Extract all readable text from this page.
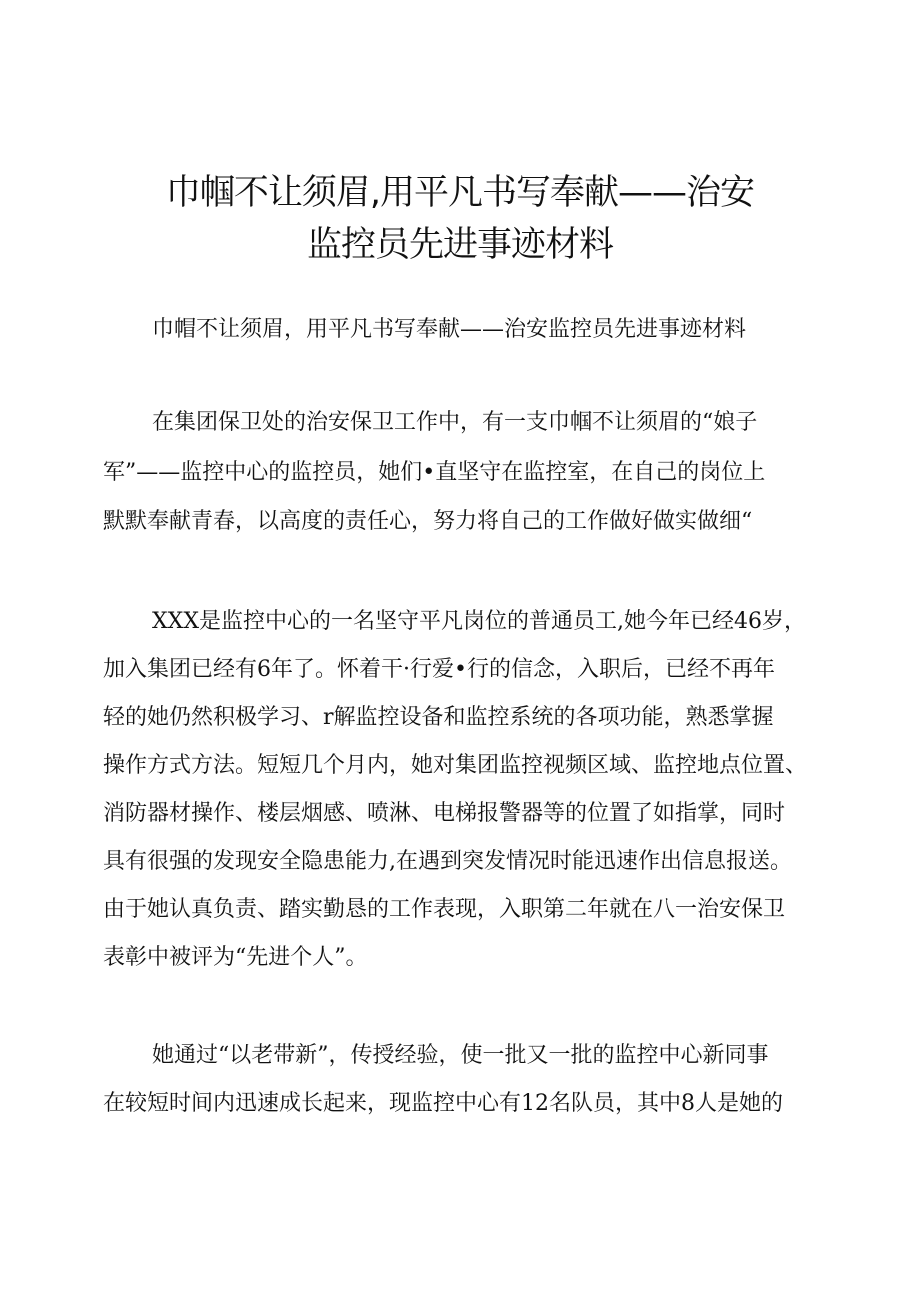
巾帼不让须眉,用平凡书写奉献——治安
监控员先进事迹材料

巾帽不让须眉，用平凡书写奉献——治安监控员先进事迹材料

在集团保卫处的治安保卫工作中，有一支巾帼不让须眉的“娘子

军”——监控中心的监控员，她们•直坚守在监控室，在自己的岗位上

默默奉献青春，以高度的责任心，努力将自己的工作做好做实做细“

XXX是监控中心的一名坚守平凡岗位的普通员工,她今年已经46岁，

加入集团已经有6年了。怀着干·行爱•行的信念，入职后，已经不再年

轻的她仍然积极学习、r解监控设备和监控系统的各项功能，熟悉掌握

操作方式方法。短短几个月内，她对集团监控视频区域、监控地点位置、

消防器材操作、楼层烟感、喷淋、电梯报警器等的位置了如指掌，同时

具有很强的发现安全隐患能力,在遇到突发情况时能迅速作出信息报送。

由于她认真负责、踏实勤恳的工作表现，入职第二年就在八一治安保卫

表彰中被评为“先进个人”。

她通过“以老带新”，传授经验，使一批又一批的监控中心新同事

在较短时间内迅速成长起来，现监控中心有12名队员，其中8人是她的
